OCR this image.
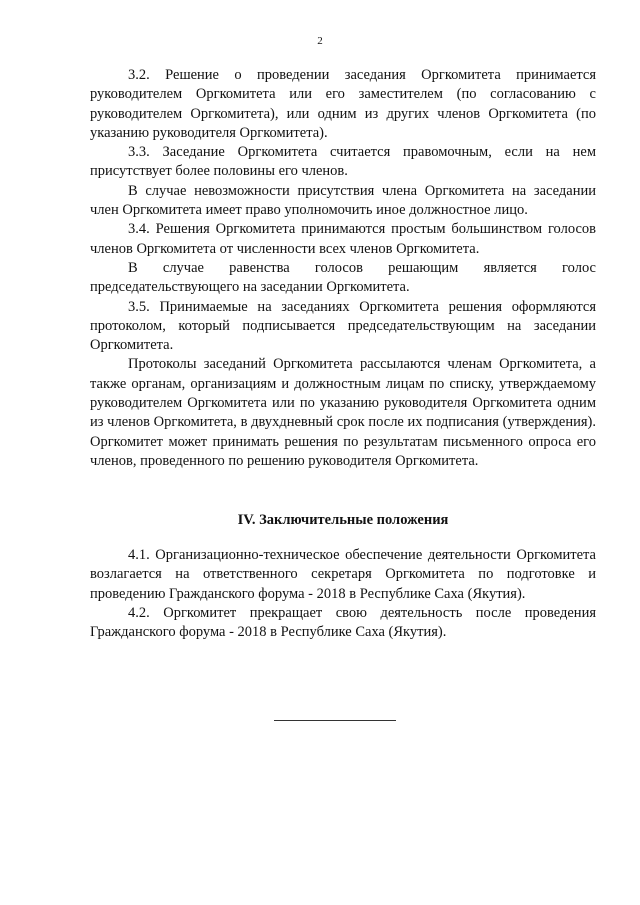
2

3.2. Решение о проведении заседания Оргкомитета принимается руководителем Оргкомитета или его заместителем (по согласованию с руководителем Оргкомитета), или одним из других членов Оргкомитета (по указанию руководителя Оргкомитета).

3.3. Заседание Оргкомитета считается правомочным, если на нем присутствует более половины его членов.

В случае невозможности присутствия члена Оргкомитета на заседании член Оргкомитета имеет право уполномочить иное должностное лицо.

3.4. Решения Оргкомитета принимаются простым большинством голосов членов Оргкомитета от численности всех членов Оргкомитета.

В случае равенства голосов решающим является голос председательствующего на заседании Оргкомитета.

3.5. Принимаемые на заседаниях Оргкомитета решения оформляются протоколом, который подписывается председательствующим на заседании Оргкомитета.

Протоколы заседаний Оргкомитета рассылаются членам Оргкомитета, а также органам, организациям и должностным лицам по списку, утверждаемому руководителем Оргкомитета или по указанию руководителя Оргкомитета одним из членов Оргкомитета, в двухдневный срок после их подписания (утверждения). Оргкомитет может принимать решения по результатам письменного опроса его членов, проведенного по решению руководителя Оргкомитета.

IV. Заключительные положения

4.1. Организационно-техническое обеспечение деятельности Оргкомитета возлагается на ответственного секретаря Оргкомитета по подготовке и проведению Гражданского форума - 2018 в Республике Саха (Якутия).

4.2. Оргкомитет прекращает свою деятельность после проведения Гражданского форума - 2018 в Республике Саха (Якутия).
